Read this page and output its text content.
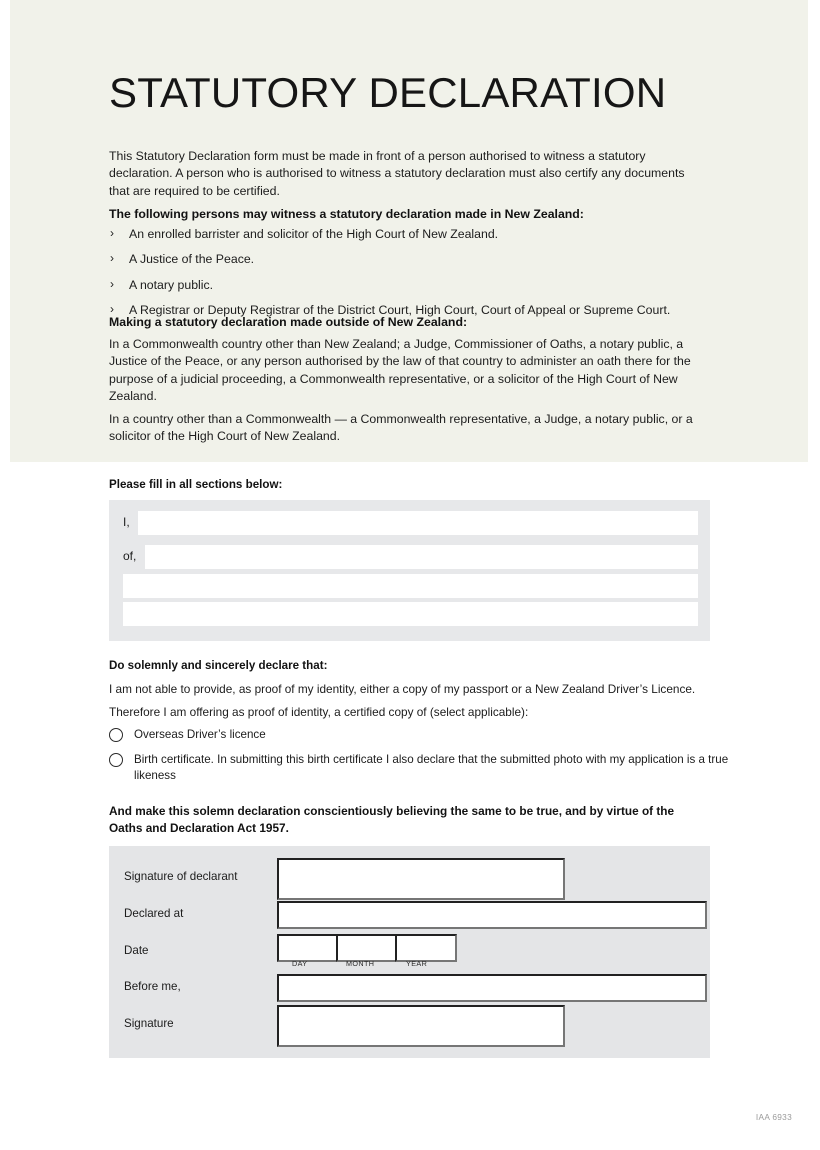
STATUTORY DECLARATION

This Statutory Declaration form must be made in front of a person authorised to witness a statutory declaration. A person who is authorised to witness a statutory declaration must also certify any documents that are required to be certified.

The following persons may witness a statutory declaration made in New Zealand:

› An enrolled barrister and solicitor of the High Court of New Zealand.
› A Justice of the Peace.
› A notary public.
› A Registrar or Deputy Registrar of the District Court, High Court, Court of Appeal or Supreme Court.

Making a statutory declaration made outside of New Zealand:

In a Commonwealth country other than New Zealand; a Judge, Commissioner of Oaths, a notary public, a Justice of the Peace, or any person authorised by the law of that country to administer an oath there for the purpose of a judicial proceeding, a Commonwealth representative, or a solicitor of the High Court of New Zealand.

In a country other than a Commonwealth — a Commonwealth representative, a Judge, a notary public, or a solicitor of the High Court of New Zealand.

Please fill in all sections below:
I,
of,
Do solemnly and sincerely declare that:
I am not able to provide, as proof of my identity, either a copy of my passport or a New Zealand Driver’s Licence.
Therefore I am offering as proof of identity, a certified copy of (select applicable):
Overseas Driver’s licence
Birth certificate. In submitting this birth certificate I also declare that the submitted photo with my application is a true likeness
And make this solemn declaration conscientiously believing the same to be true, and by virtue of the Oaths and Declaration Act 1957.
Signature of declarant
Declared at
Date
DAY	MONTH	YEAR
Before me,
Signature
IAA 6933
